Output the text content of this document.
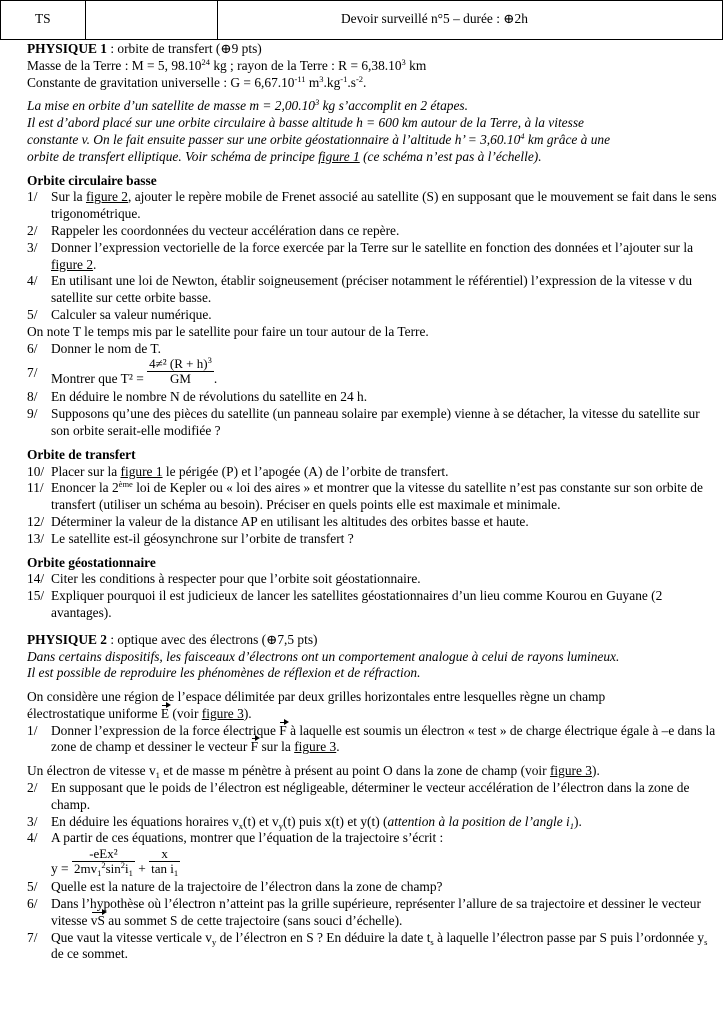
TS	Devoir surveillé n°5 – durée : ⊕2h

PHYSIQUE 1 : orbite de transfert (⊕9 pts)

Masse de la Terre : M = 5, 98.10$^{24}$ kg ; rayon de la Terre : $R = 6,38.10^3$ km

Constante de gravitation universelle : $G = 6,67.10^{-11}$ $m^3.kg^{-1}.s^{-2}$.

La mise en orbite d’un satellite de masse $m = 2,00.10^3$ kg s’accomplit en 2 étapes.

Il est d’abord placé sur une orbite circulaire à basse altitude h = 600 km autour de la Terre, à la vitesse

constante v. On le fait ensuite passer sur une orbite géostationnaire à l’altitude h’ = $3,60.10^4$ km grâce à une

orbite de transfert elliptique. Voir schéma de principe figure 1 (ce schéma n’est pas à l’échelle).

Orbite circulaire basse

1/ Sur la figure 2, ajouter le repère mobile de Frenet associé au satellite (S) en supposant que le mouvement se fait dans le sens trigonométrique.
2/ Rappeler les coordonnées du vecteur accélération dans ce repère.
3/ Donner l’expression vectorielle de la force exercée par la Terre sur le satellite en fonction des données et l’ajouter sur la figure 2.
4/ En utilisant une loi de Newton, établir soigneusement (préciser notamment le référentiel) l’expression de la vitesse v du satellite sur cette orbite basse.
5/ Calculer sa valeur numérique.

On note T le temps mis par le satellite pour faire un tour autour de la Terre.

6/ Donner le nom de T.
7/ Montrer que $T^2 = \frac{4\ne^2 (R + h)^3}{GM}$ .
8/ En déduire le nombre N de révolutions du satellite en 24 h.
9/ Supposons qu’une des pièces du satellite (un panneau solaire par exemple) vienne à se détacher, la vitesse du satellite sur son orbite serait-elle modifiée ?

Orbite de transfert

10/ Placer sur la figure 1 le périgée (P) et l’apogée (A) de l’orbite de transfert.
11/ Enoncer la 2ème loi de Kepler ou « loi des aires » et montrer que la vitesse du satellite n’est pas constante sur son orbite de transfert (utiliser un schéma au besoin). Préciser en quels points elle est maximale et minimale.
12/ Déterminer la valeur de la distance AP en utilisant les altitudes des orbites basse et haute.
13/ Le satellite est-il géosynchrone sur l’orbite de transfert ?

Orbite géostationnaire

14/ Citer les conditions à respecter pour que l’orbite soit géostationnaire.
15/ Expliquer pourquoi il est judicieux de lancer les satellites géostationnaires d’un lieu comme Kourou en Guyane (2 avantages).

PHYSIQUE 2 : optique avec des électrons (⊕7,5 pts)

Dans certains dispositifs, les faisceaux d’électrons ont un comportement analogue à celui de rayons lumineux.

Il est possible de reproduire les phénomènes de réflexion et de réfraction.

On considère une région de l’espace délimitée par deux grilles horizontales entre lesquelles règne un champ

électrostatique uniforme E (voir figure 3).

1/ Donner l’expression de la force électrique F à laquelle est soumis un électron « test » de charge électrique égale à –e dans la zone de champ et dessiner le vecteur F sur la figure 3.

Un électron de vitesse $v_1$ et de masse m pénètre à présent au point O dans la zone de champ (voir figure 3).

2/ En supposant que le poids de l’électron est négligeable, déterminer le vecteur accélération de l’électron dans la zone de champ.
3/ En déduire les équations horaires $v_x(t)$ et $v_y(t)$ puis x(t) et y(t) (attention à la position de l’angle $i_1$).
4/ A partir de ces équations, montrer que l’équation de la trajectoire s’écrit :
$y = \frac{\text{-eEx²}}{2mv_1^2\sin^2i_1} + \frac{x}{\tan i_1}$
5/ Quelle est la nature de la trajectoire de l’électron dans la zone de champ?
6/ Dans l’hypothèse où l’électron n’atteint pas la grille supérieure, représenter l’allure de sa trajectoire et dessiner le vecteur vitesse vS au sommet S de cette trajectoire (sans souci d’échelle).
7/ Que vaut la vitesse verticale $v_y$ de l’électron en S ? En déduire la date $t_s$ à laquelle l’électron passe par S puis l’ordonnée $y_s$ de ce sommet.
